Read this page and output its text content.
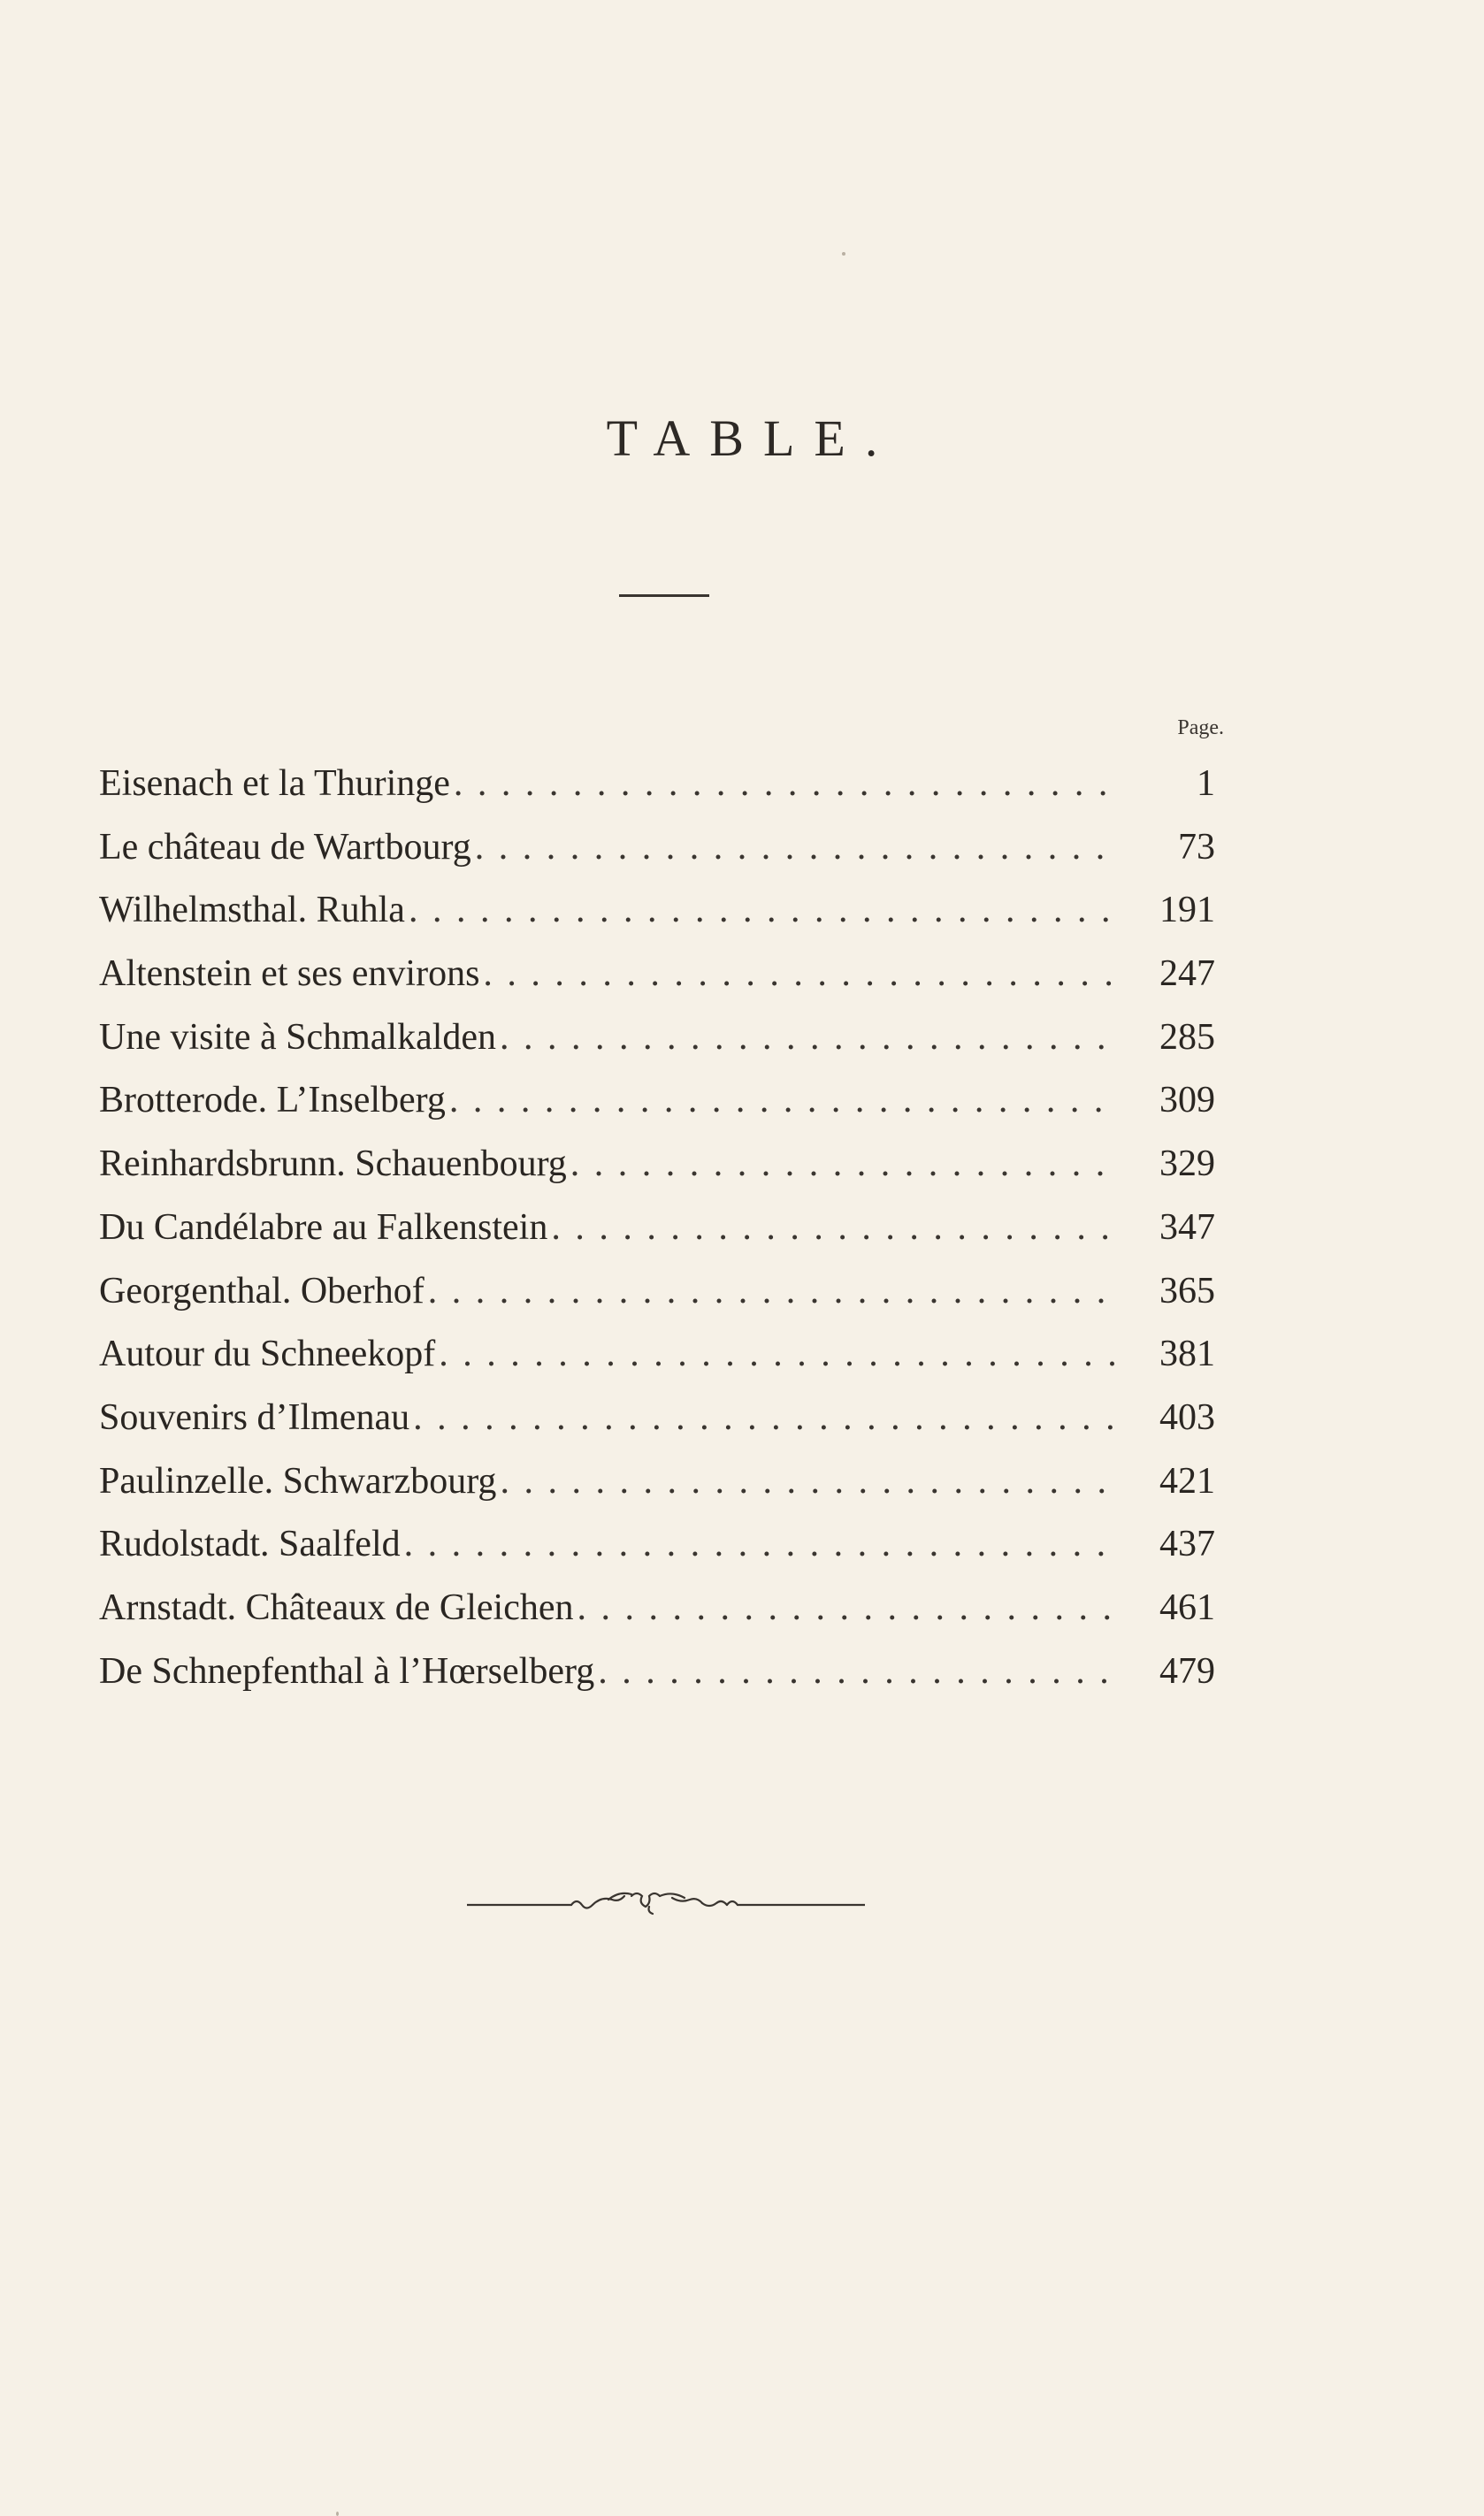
TABLE.
Page.
Eisenach et la Thuringe . . .	1
Le château de Wartbourg . . .	73
Wilhelmsthal. Ruhla . . .	191
Altenstein et ses environs . . .	247
Une visite à Schmalkalden . . .	285
Brotterode. L’Inselberg . . .	309
Reinhardsbrunn. Schauenbourg . . .	329
Du Candélabre au Falkenstein . . .	347
Georgenthal. Oberhof . . .	365
Autour du Schneekopf . . .	381
Souvenirs d’Ilmenau . . .	403
Paulinzelle. Schwarzbourg . . .	421
Rudolstadt. Saalfeld . . .	437
Arnstadt. Châteaux de Gleichen . . .	461
De Schnepfenthal à l’Hœrselberg . . .	479
